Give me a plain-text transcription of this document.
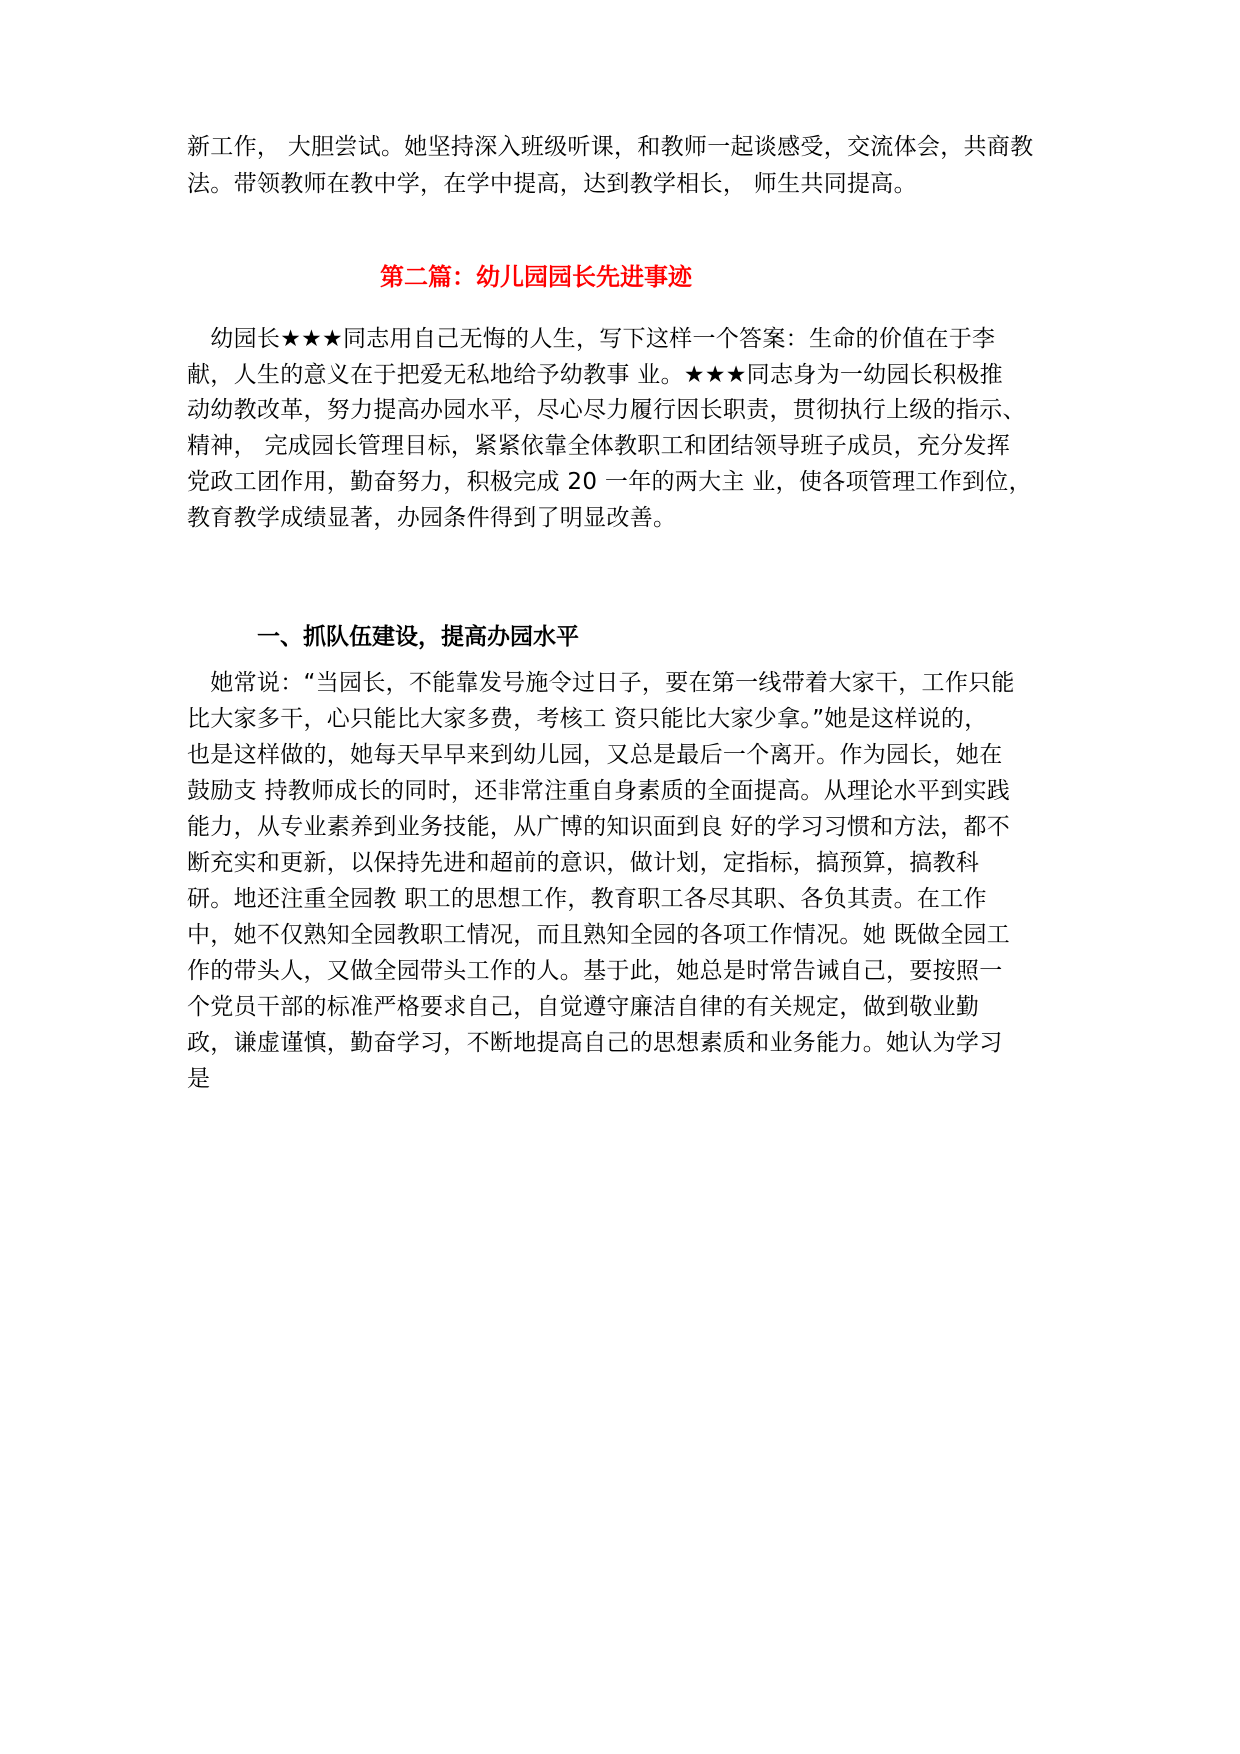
新工作， 大胆尝试。她坚持深入班级听课，和教师一起谈感受，交流体会，共商教
法。带领教师在教中学，在学中提高，达到教学相长， 师生共同提高。
第二篇：幼儿园园长先进事迹
　幼园长★★★同志用自己无悔的人生，写下这样一个答案：生命的价值在于李
献，人生的意义在于把爱无私地给予幼教事 业。★★★同志身为一幼园长积极推
动幼教改革，努力提高办园水平，尽心尽力履行因长职责，贯彻执行上级的指示、
精神， 完成园长管理目标，紧紧依靠全体教职工和团结领导班子成员，充分发挥
党政工团作用，勤奋努力，积极完成 20 一年的两大主 业，使各项管理工作到位，
教育教学成绩显著，办园条件得到了明显改善。
一、抓队伍建设，提高办园水平
　她常说：“当园长，不能靠发号施令过日子，要在第一线带着大家干，工作只能
比大家多干，心只能比大家多费，考核工 资只能比大家少拿。”她是这样说的，
也是这样做的，她每天早早来到幼儿园，又总是最后一个离开。作为园长，她在
鼓励支 持教师成长的同时，还非常注重自身素质的全面提高。从理论水平到实践
能力，从专业素养到业务技能，从广博的知识面到良 好的学习习惯和方法，都不
断充实和更新，以保持先进和超前的意识，做计划，定指标，搞预算，搞教科
研。地还注重全园教 职工的思想工作，教育职工各尽其职、各负其责。在工作
中，她不仅熟知全园教职工情况，而且熟知全园的各项工作情况。她 既做全园工
作的带头人，又做全园带头工作的人。基于此，她总是时常告诫自己，要按照一
个党员干部的标准严格要求自己，自觉遵守廉洁自律的有关规定，做到敬业勤
政，谦虚谨慎，勤奋学习，不断地提高自己的思想素质和业务能力。她认为学习
是
